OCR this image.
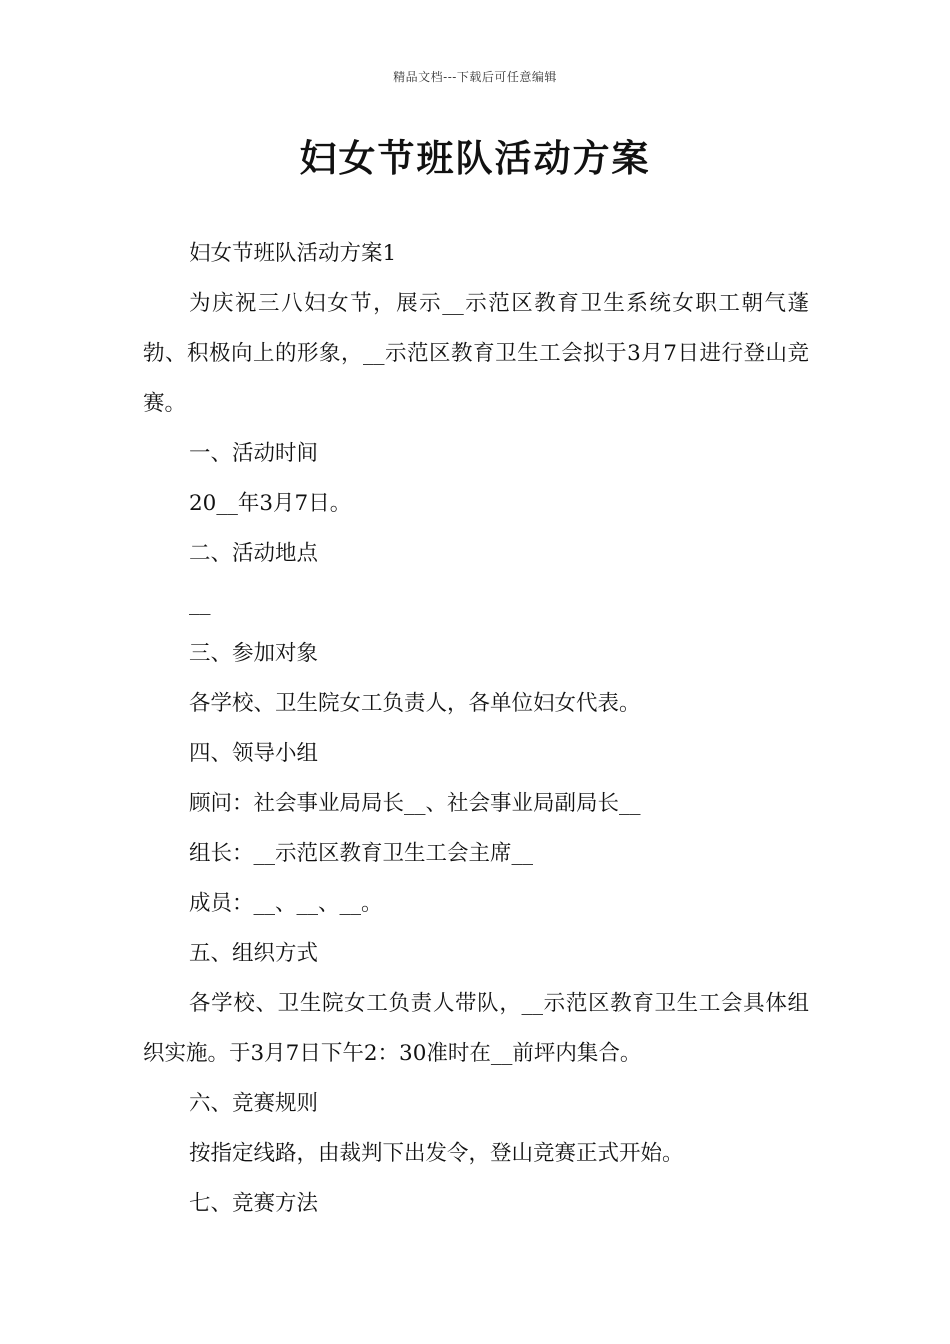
精品文档---下载后可任意编辑
妇女节班队活动方案

妇女节班队活动方案1

为庆祝三八妇女节，展示__示范区教育卫生系统女职工朝气蓬勃、积极向上的形象，__示范区教育卫生工会拟于3月7日进行登山竞赛。

一、活动时间

20__年3月7日。

二、活动地点

__

三、参加对象

各学校、卫生院女工负责人，各单位妇女代表。

四、领导小组

顾问：社会事业局局长__、社会事业局副局长__

组长：__示范区教育卫生工会主席__

成员：__、__、__。

五、组织方式

各学校、卫生院女工负责人带队，__示范区教育卫生工会具体组织实施。于3月7日下午2：30准时在__前坪内集合。

六、竞赛规则

按指定线路，由裁判下出发令，登山竞赛正式开始。

七、竞赛方法
